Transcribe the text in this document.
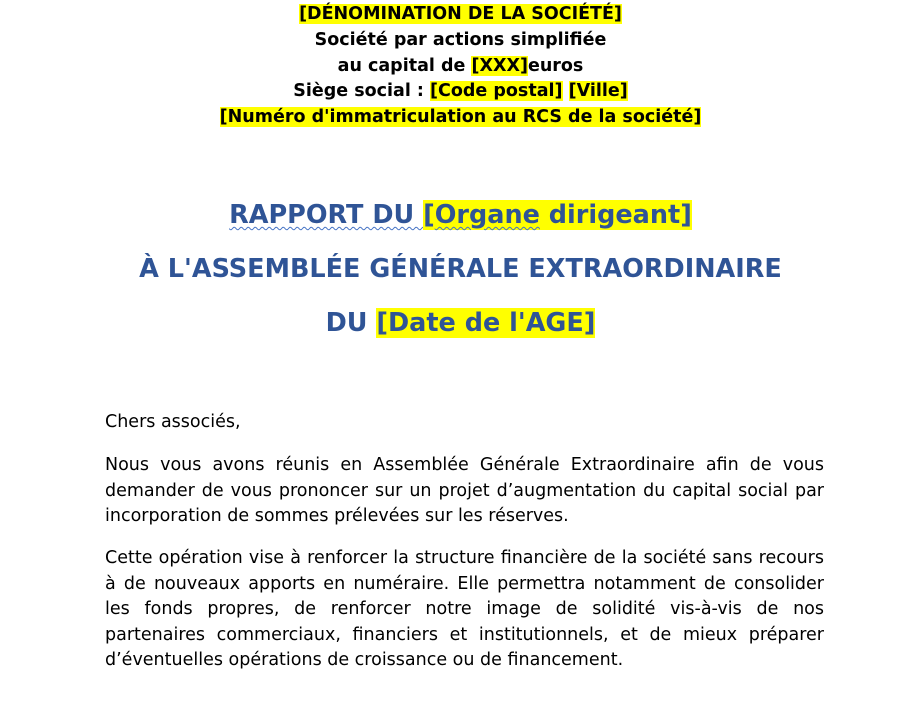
[DÉNOMINATION DE LA SOCIÉTÉ]
Société par actions simplifiée
au capital de [XXX]euros
Siège social : [Code postal] [Ville]
[Numéro d'immatriculation au RCS de la société]
RAPPORT DU [Organe dirigeant]
À L'ASSEMBLÉE GÉNÉRALE EXTRAORDINAIRE
DU [Date de l'AGE]
Chers associés,
Nous vous avons réunis en Assemblée Générale Extraordinaire afin de vous demander de vous prononcer sur un projet d’augmentation du capital social par incorporation de sommes prélevées sur les réserves.
Cette opération vise à renforcer la structure financière de la société sans recours à de nouveaux apports en numéraire. Elle permettra notamment de consolider les fonds propres, de renforcer notre image de solidité vis-à-vis de nos partenaires commerciaux, financiers et institutionnels, et de mieux préparer d’éventuelles opérations de croissance ou de financement.
